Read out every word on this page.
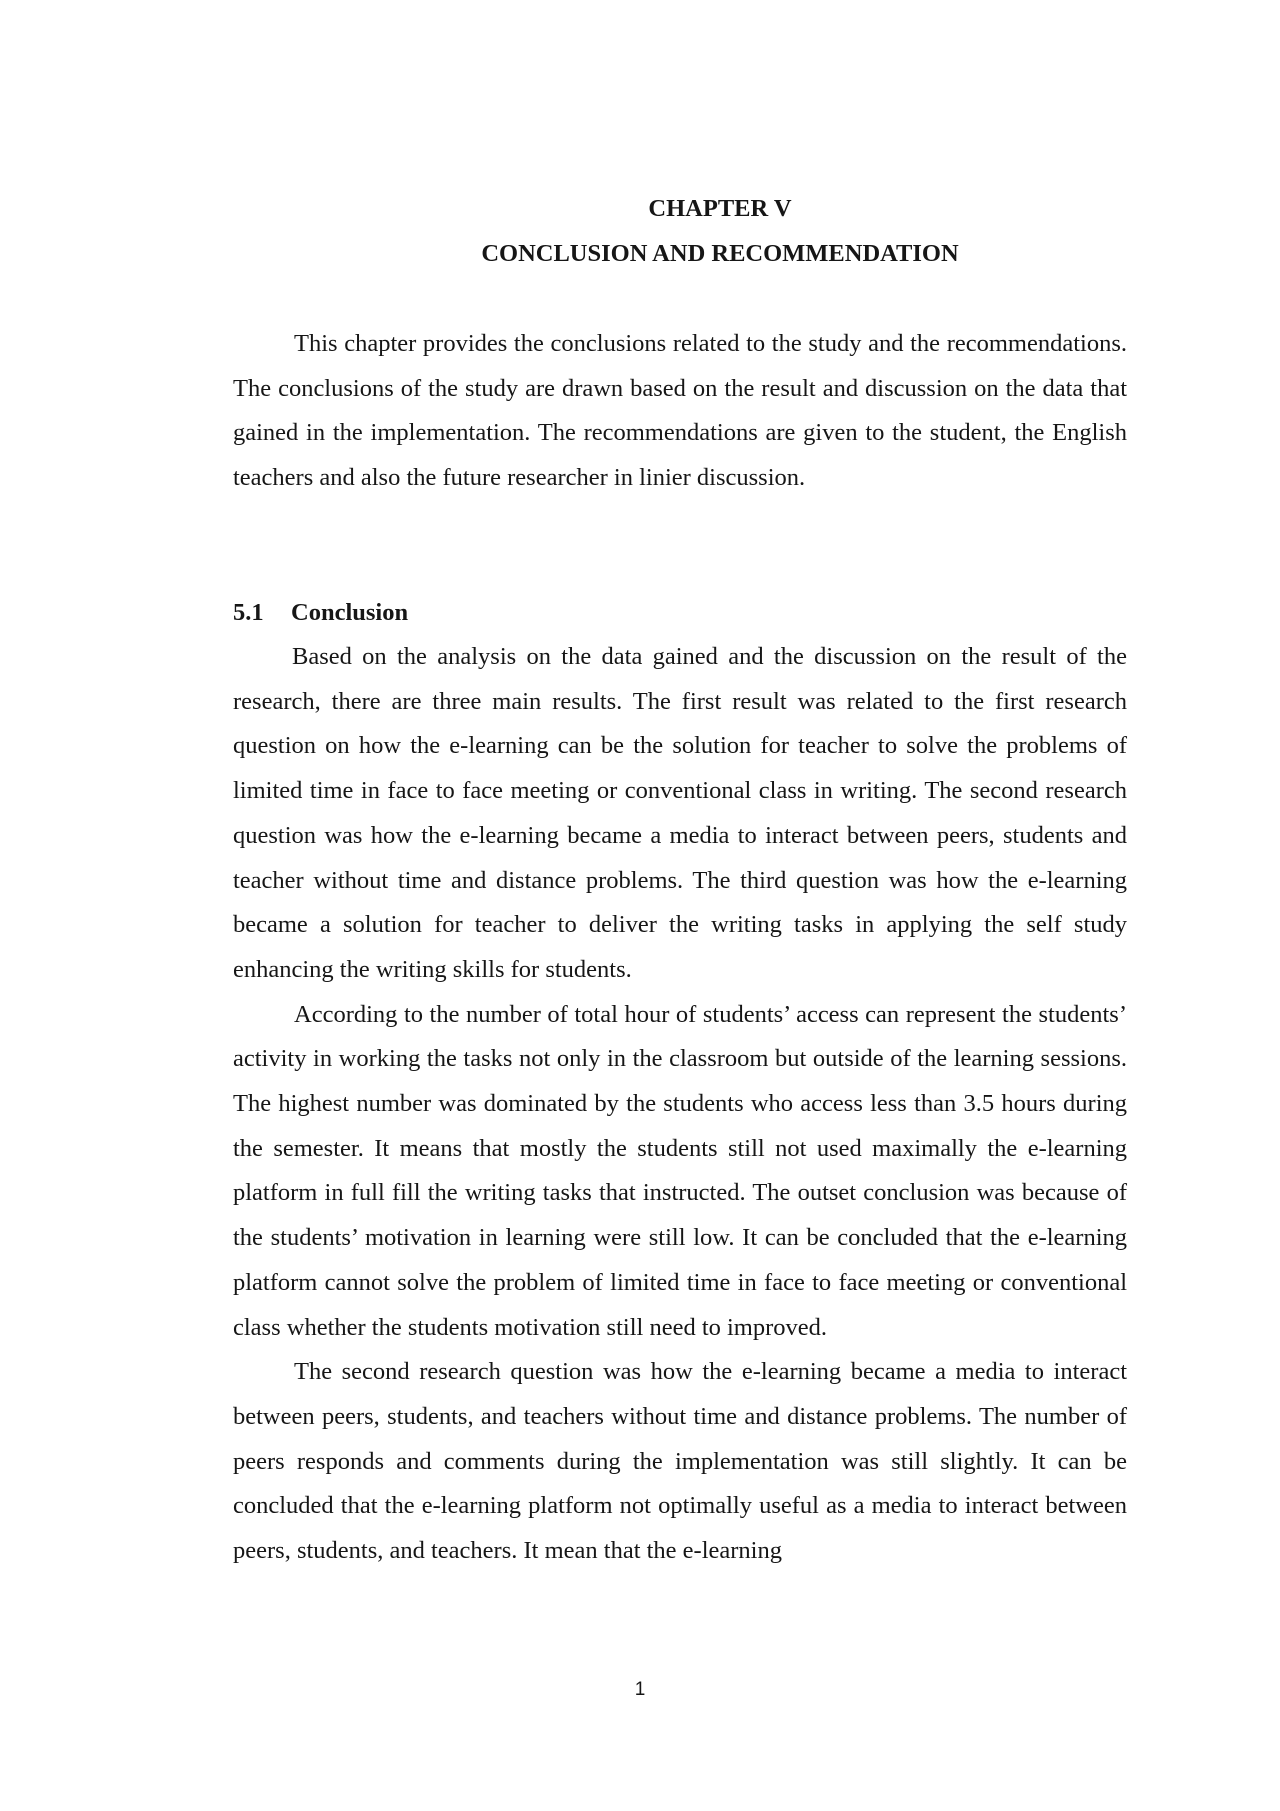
CHAPTER V
CONCLUSION AND RECOMMENDATION

This chapter provides the conclusions related to the study and the recommendations. The conclusions of the study are drawn based on the result and discussion on the data that gained in the implementation. The recommendations are given to the student, the English teachers and also the future researcher in linier discussion.

5.1 Conclusion

Based on the analysis on the data gained and the discussion on the result of the research, there are three main results. The first result was related to the first research question on how the e-learning can be the solution for teacher to solve the problems of limited time in face to face meeting or conventional class in writing. The second research question was how the e-learning became a media to interact between peers, students and teacher without time and distance problems. The third question was how the e-learning became a solution for teacher to deliver the writing tasks in applying the self study enhancing the writing skills for students.

According to the number of total hour of students’ access can represent the students’ activity in working the tasks not only in the classroom but outside of the learning sessions. The highest number was dominated by the students who access less than 3.5 hours during the semester. It means that mostly the students still not used maximally the e-learning platform in full fill the writing tasks that instructed. The outset conclusion was because of the students’ motivation in learning were still low. It can be concluded that the e-learning platform cannot solve the problem of limited time in face to face meeting or conventional class whether the students motivation still need to improved.

The second research question was how the e-learning became a media to interact between peers, students, and teachers without time and distance problems. The number of peers responds and comments during the implementation was still slightly. It can be concluded that the e-learning platform not optimally useful as a media to interact between peers, students, and teachers. It mean that the e-learning

1
